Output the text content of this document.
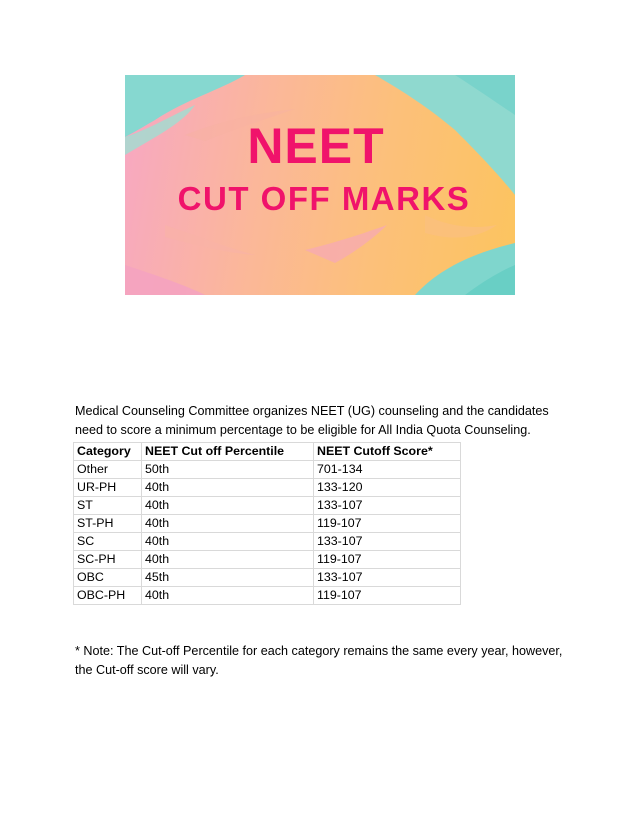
NEET
CUT OFF MARKS
Medical Counseling Committee organizes NEET (UG) counseling and the candidates need to score a minimum percentage to be eligible for All India Quota Counseling.
Category	NEET Cut off Percentile	NEET Cutoff Score*
Other	50th	701-134
UR-PH	40th	133-120
ST	40th	133-107
ST-PH	40th	119-107
SC	40th	133-107
SC-PH	40th	119-107
OBC	45th	133-107
OBC-PH	40th	119-107
* Note: The Cut-off Percentile for each category remains the same every year, however, the Cut-off score will vary.
